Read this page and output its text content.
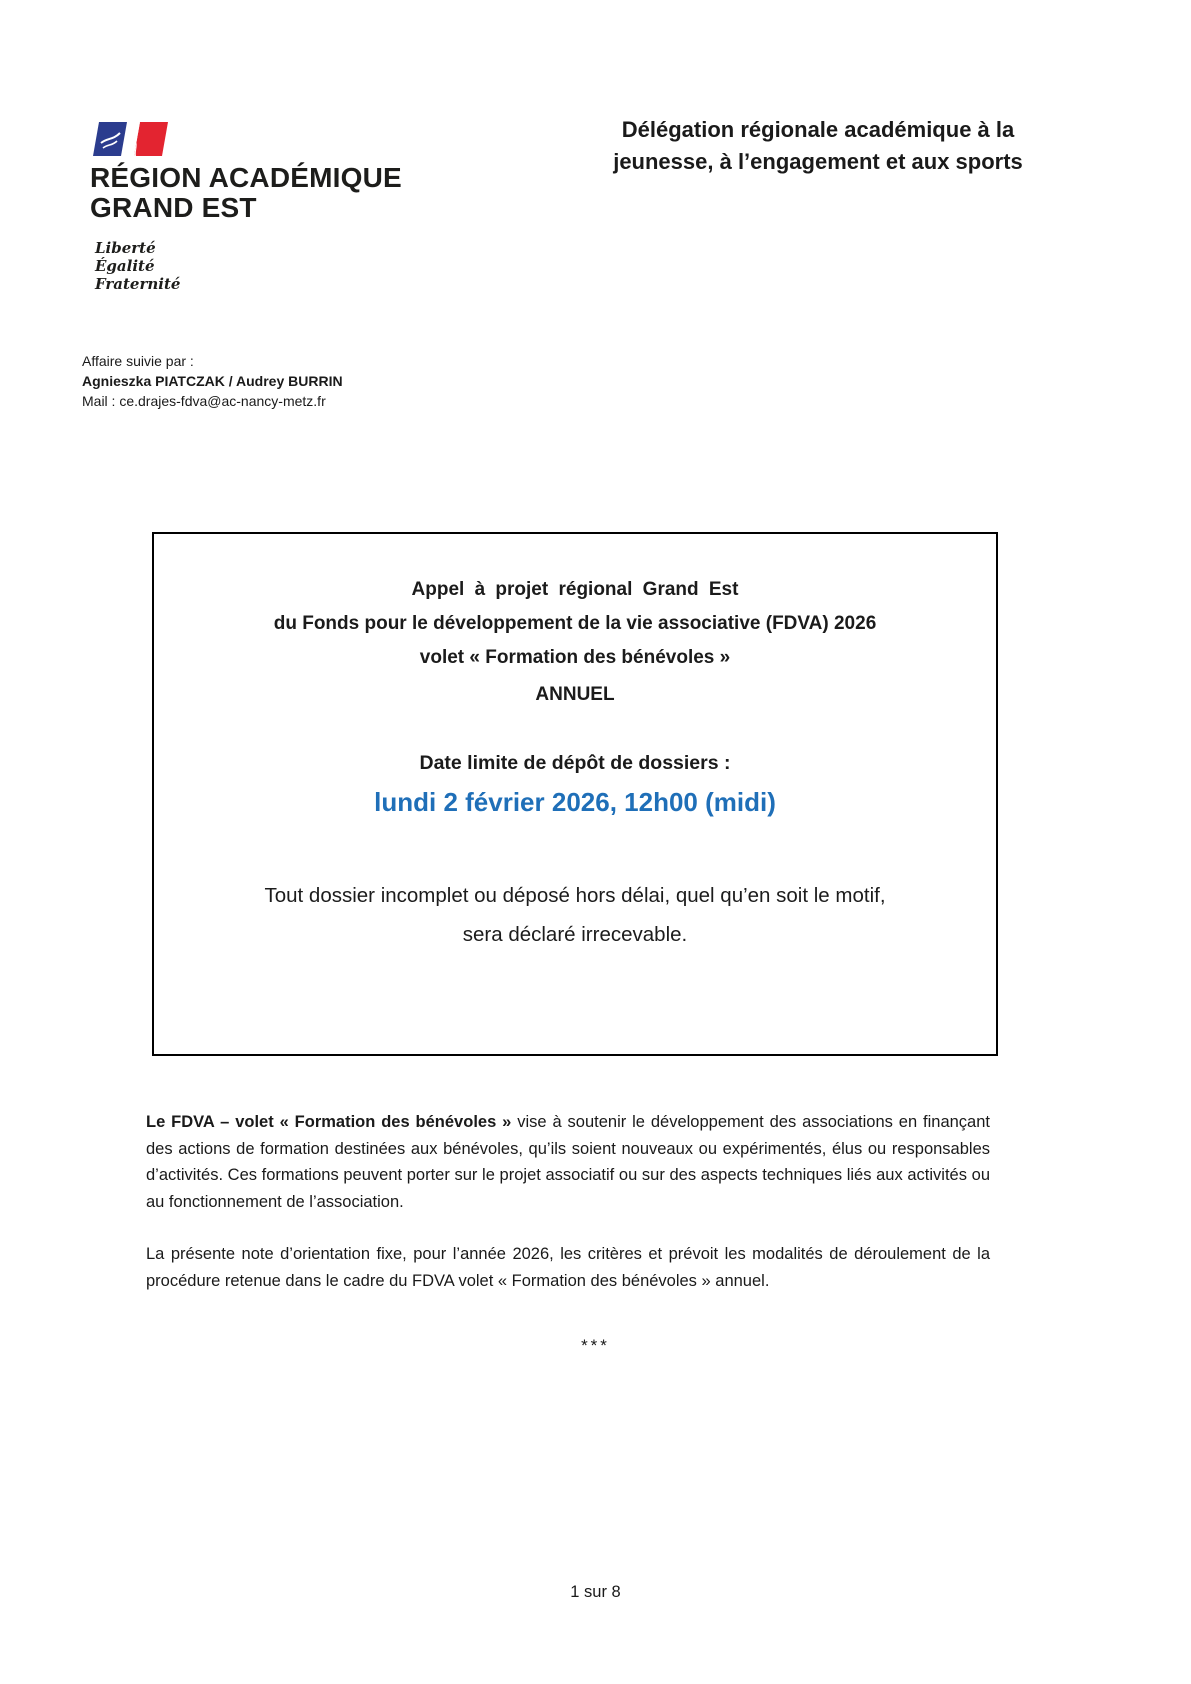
RÉGION ACADÉMIQUE
GRAND EST
Liberté
Égalité
Fraternité
Délégation régionale académique à la
jeunesse, à l’engagement et aux sports
Affaire suivie par :
Agnieszka PIATCZAK / Audrey BURRIN
Mail : ce.drajes-fdva@ac-nancy-metz.fr
Appel à projet régional Grand Est
du Fonds pour le développement de la vie associative (FDVA) 2026
volet « Formation des bénévoles »
ANNUEL
Date limite de dépôt de dossiers :
lundi 2 février 2026, 12h00 (midi)
Tout dossier incomplet ou déposé hors délai, quel qu’en soit le motif, sera déclaré irrecevable.

Le FDVA – volet « Formation des bénévoles » vise à soutenir le développement des associations en finançant des actions de formation destinées aux bénévoles, qu’ils soient nouveaux ou expérimentés, élus ou responsables d’activités. Ces formations peuvent porter sur le projet associatif ou sur des aspects techniques liés aux activités ou au fonctionnement de l’association.

La présente note d’orientation fixe, pour l’année 2026, les critères et prévoit les modalités de déroulement de la procédure retenue dans le cadre du FDVA volet « Formation des bénévoles » annuel.

***
1 sur 8
